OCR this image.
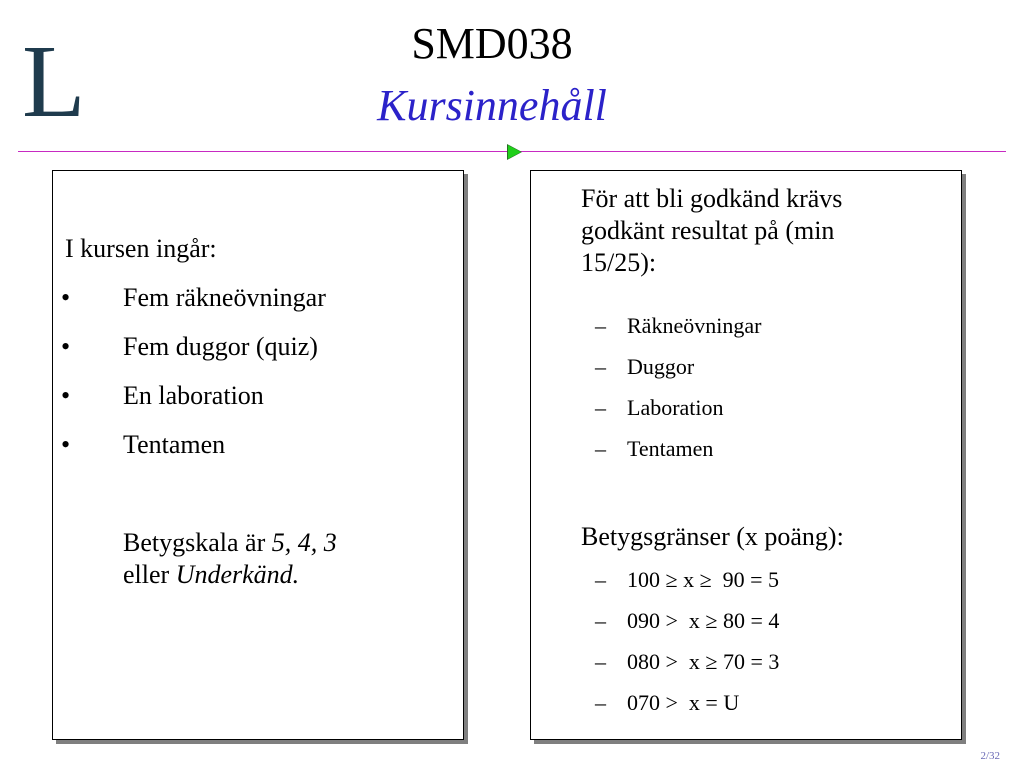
L	SMD038
Kursinnehåll
I kursen ingår:
• Fem räkneövningar
• Fem duggor (quiz)
• En laboration
• Tentamen
Betygskala är 5, 4, 3
eller Underkänd.
För att bli godkänd krävs
godkänt resultat på (min
15/25):
– Räkneövningar
– Duggor
– Laboration
– Tentamen
Betygsgränser (x poäng):
– 100 ≥ x ≥  90 = 5
– 090 >  x ≥ 80 = 4
– 080 >  x ≥ 70 = 3
– 070 >  x = U
2/32
